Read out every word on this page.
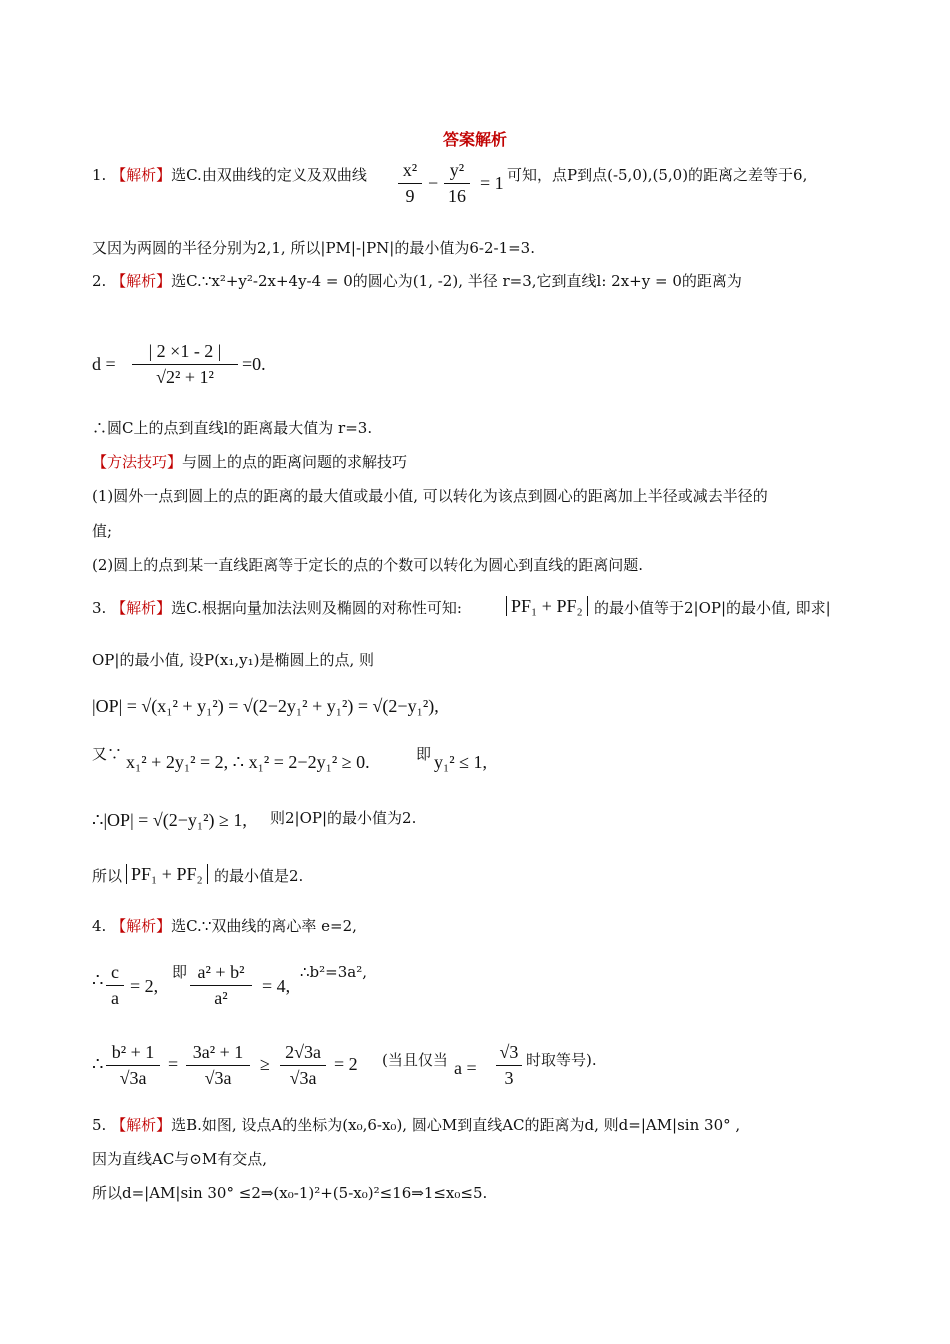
答案解析
1. 【解析】选C.由双曲线的定义及双曲线 x²
9
−
y²
16
= 1 可知，点P到点(-5,0),(5,0)的距离之差等于6,
又因为两圆的半径分别为2,1, 所以|PM|-|PN|的最小值为6-2-1=3.
2. 【解析】选C.∵x²+y²-2x+4y-4 = 0的圆心为(1, -2), 半径 r=3,它到直线l: 2x+y = 0的距离为
d =
| 2 ×1 - 2 |
√2² + 1²
=0.
∴圆C上的点到直线l的距离最大值为 r=3.
【方法技巧】与圆上的点的距离问题的求解技巧
(1)圆外一点到圆上的点的距离的最大值或最小值, 可以转化为该点到圆心的距离加上半径或减去半径的
值;
(2)圆上的点到某一直线距离等于定长的点的个数可以转化为圆心到直线的距离问题.
3. 【解析】选C.根据向量加法法则及椭圆的对称性可知:	PF₁ + PF₂ 的最小值等于2|OP|的最小值, 即求|
OP|的最小值, 设P(x₁,y₁)是椭圆上的点, 则
|OP| = √(x₁² + y₁²) = √(2−2y₁² + y₁²) = √(2−y₁²),
又∵ x₁² + 2y₁² = 2, ∴ x₁² = 2−2y₁² ≥ 0.	即 y₁² ≤ 1,
∴|OP| = √(2−y₁²) ≥ 1, 则2|OP|的最小值为2.
所以 PF₁ + PF₂ 的最小值是2.
4. 【解析】选C.∵双曲线的离心率 e=2,
∴ c
a
= 2,
即 a² + b²
a²
= 4,
∴b²=3a²,
∴
b² + 1
√3a
=
3a² + 1
√3a
≥
2√3a
√3a
= 2 (当且仅当 a =
√3
3
时取等号).
5. 【解析】选B.如图, 设点A的坐标为(x₀,6-x₀), 圆心M到直线AC的距离为d, 则d=|AM|sin 30° ,
因为直线AC与⊙M有交点,
所以d=|AM|sin 30° ≤2⇒(x₀-1)²+(5-x₀)²≤16⇒1≤x₀≤5.
